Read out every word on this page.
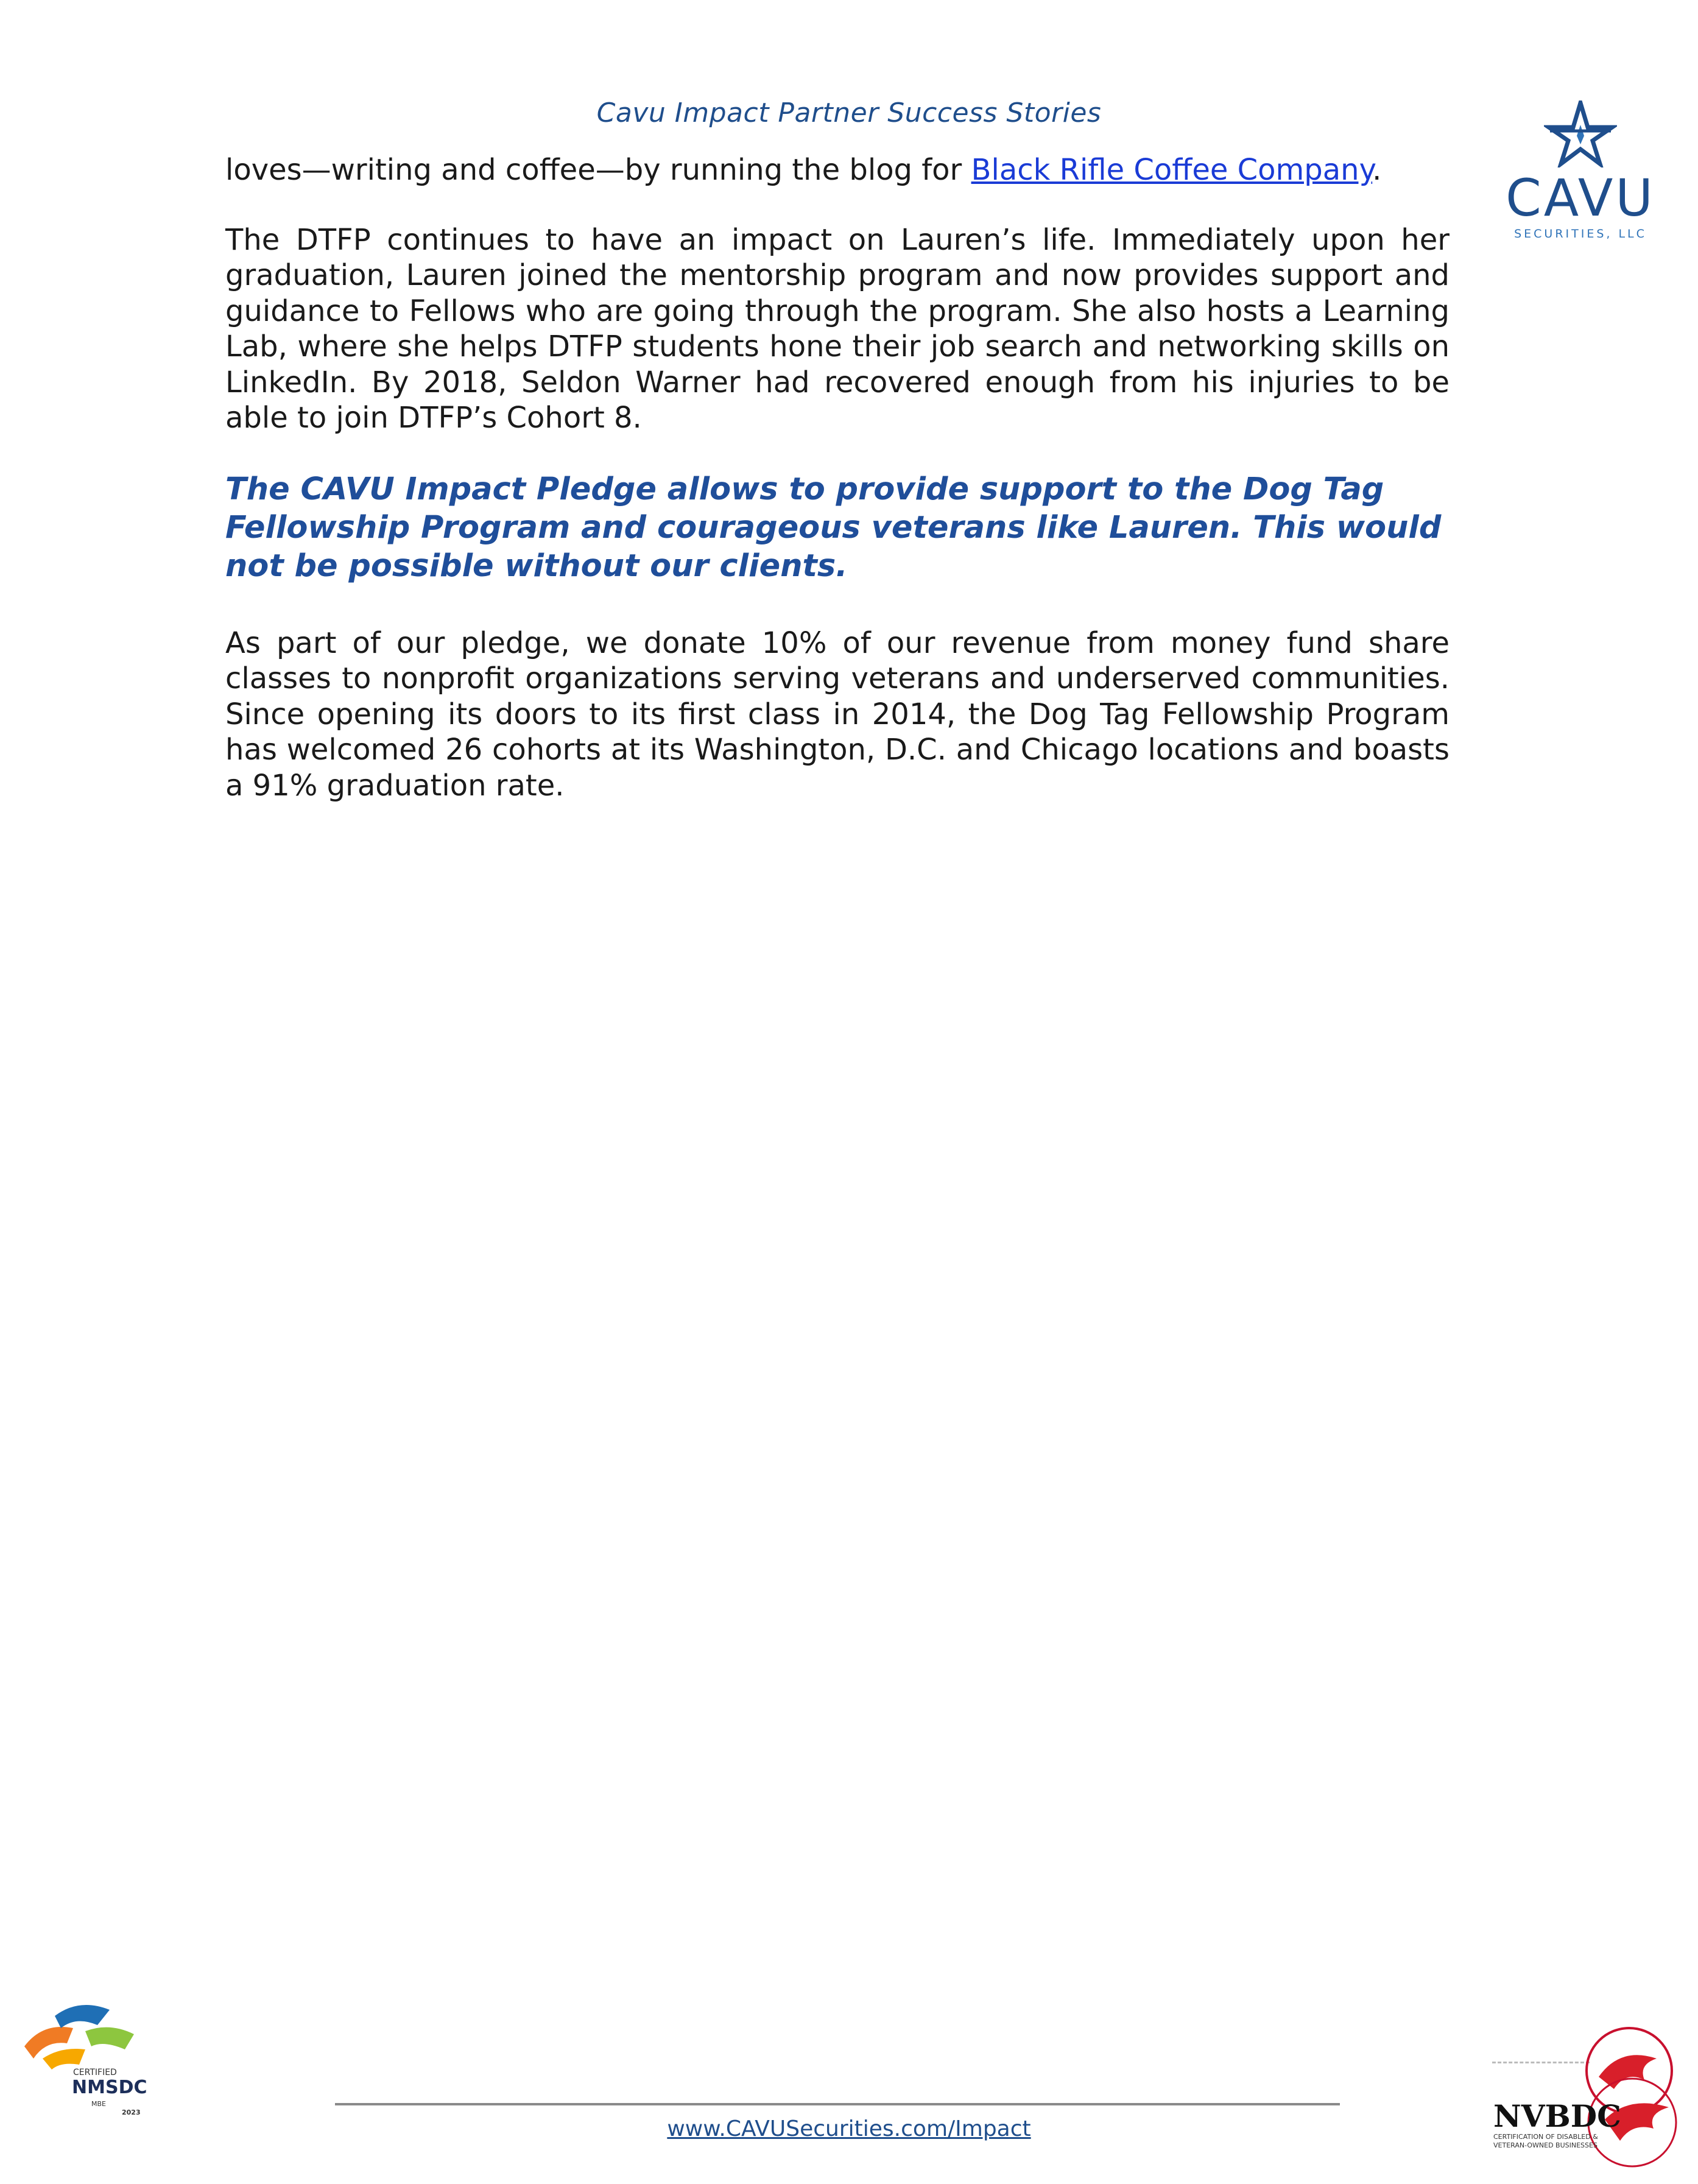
Cavu Impact Partner Success Stories
CAVU
SECURITIES, LLC

loves—writing and coffee—by running the blog for Black Rifle Coffee Company.

The DTFP continues to have an impact on Lauren’s life. Immediately upon her graduation, Lauren joined the mentorship program and now provides support and guidance to Fellows who are going through the program. She also hosts a Learning Lab, where she helps DTFP students hone their job search and networking skills on LinkedIn. By 2018, Seldon Warner had recovered enough from his injuries to be able to join DTFP’s Cohort 8.

The CAVU Impact Pledge allows to provide support to the Dog Tag Fellowship Program and courageous veterans like Lauren. This would not be possible without our clients.

As part of our pledge, we donate 10% of our revenue from money fund share classes to nonprofit organizations serving veterans and underserved communities. Since opening its doors to its first class in 2014, the Dog Tag Fellowship Program has welcomed 26 cohorts at its Washington, D.C. and Chicago locations and boasts a 91% graduation rate.

CERTIFIED
NMSDC
MBE
2023
www.CAVUSecurities.com/Impact	NVBDC
CERTIFICATION OF DISABLED & VETERAN-OWNED BUSINESSES
